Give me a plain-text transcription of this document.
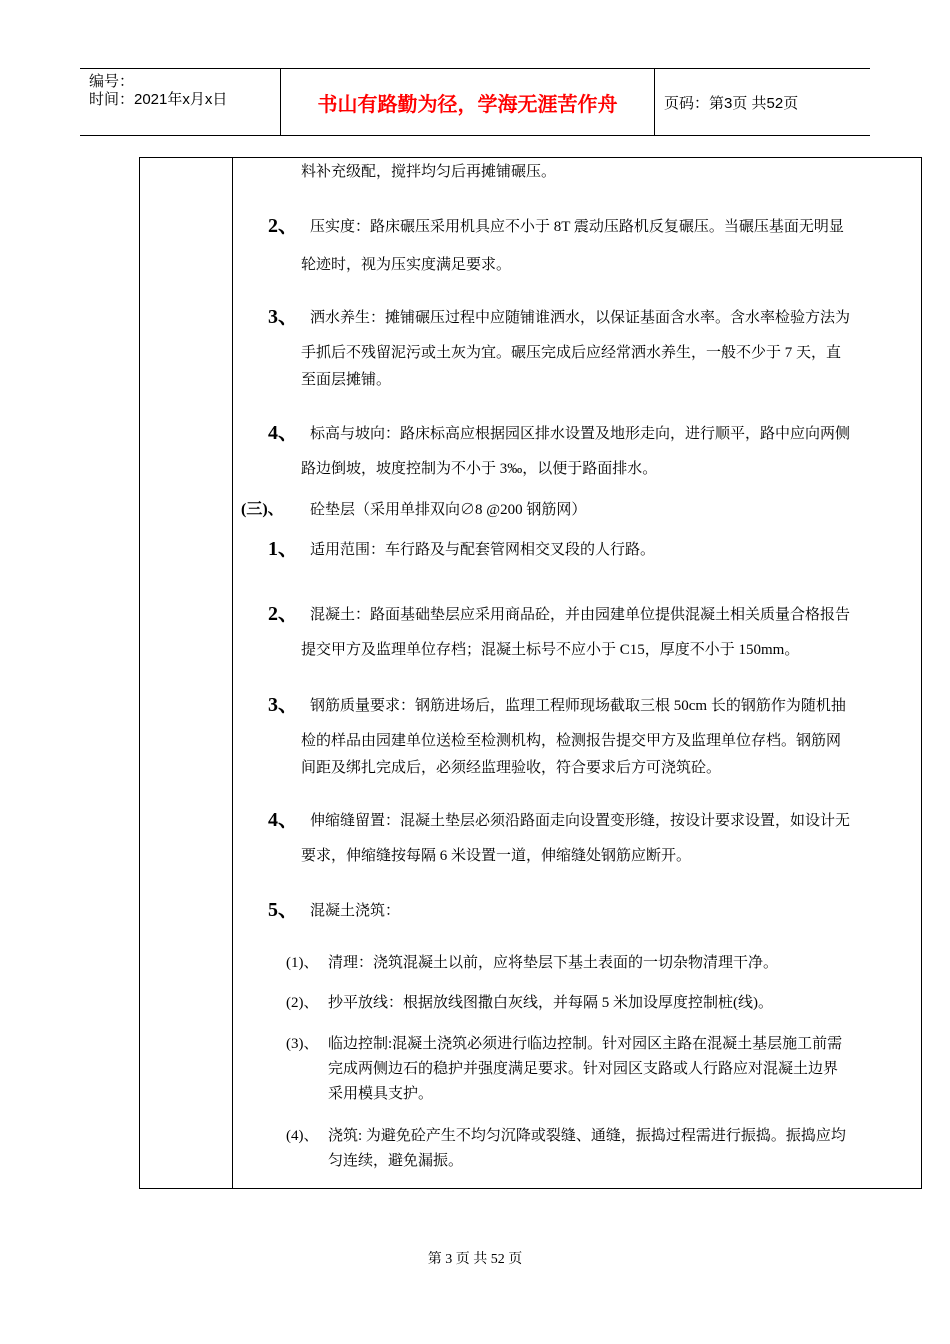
编号：
时间：2021年x月x日	书山有路勤为径，学海无涯苦作舟	页码：第3页 共52页
料补充级配，搅拌均匀后再摊铺碾压。
2、 压实度：路床碾压采用机具应不小于 8T 震动压路机反复碾压。当碾压基面无明显
轮迹时，视为压实度满足要求。
3、 洒水养生：摊铺碾压过程中应随铺谁洒水，以保证基面含水率。含水率检验方法为
手抓后不残留泥污或土灰为宜。碾压完成后应经常洒水养生，一般不少于 7 天，直
至面层摊铺。
4、 标高与坡向：路床标高应根据园区排水设置及地形走向，进行顺平，路中应向两侧
路边倒坡，坡度控制为不小于 3‰，以便于路面排水。
(三)、 砼垫层（采用单排双向∅8 @200 钢筋网）
1、 适用范围：车行路及与配套管网相交叉段的人行路。
2、 混凝土：路面基础垫层应采用商品砼，并由园建单位提供混凝土相关质量合格报告
提交甲方及监理单位存档；混凝土标号不应小于 C15，厚度不小于 150mm。
3、 钢筋质量要求：钢筋进场后，监理工程师现场截取三根 50cm 长的钢筋作为随机抽
检的样品由园建单位送检至检测机构，检测报告提交甲方及监理单位存档。钢筋网
间距及绑扎完成后，必须经监理验收，符合要求后方可浇筑砼。
4、 伸缩缝留置：混凝土垫层必须沿路面走向设置变形缝，按设计要求设置，如设计无
要求，伸缩缝按每隔 6 米设置一道，伸缩缝处钢筋应断开。
5、 混凝土浇筑：
(1)、 清理：浇筑混凝土以前，应将垫层下基土表面的一切杂物清理干净。
(2)、 抄平放线：根据放线图撒白灰线，并每隔 5 米加设厚度控制桩(线)。
(3)、 临边控制:混凝土浇筑必须进行临边控制。针对园区主路在混凝土基层施工前需
完成两侧边石的稳护并强度满足要求。针对园区支路或人行路应对混凝土边界
采用模具支护。
(4)、 浇筑: 为避免砼产生不均匀沉降或裂缝、通缝，振捣过程需进行振捣。振捣应均
匀连续，避免漏振。
第 3 页 共 52 页
